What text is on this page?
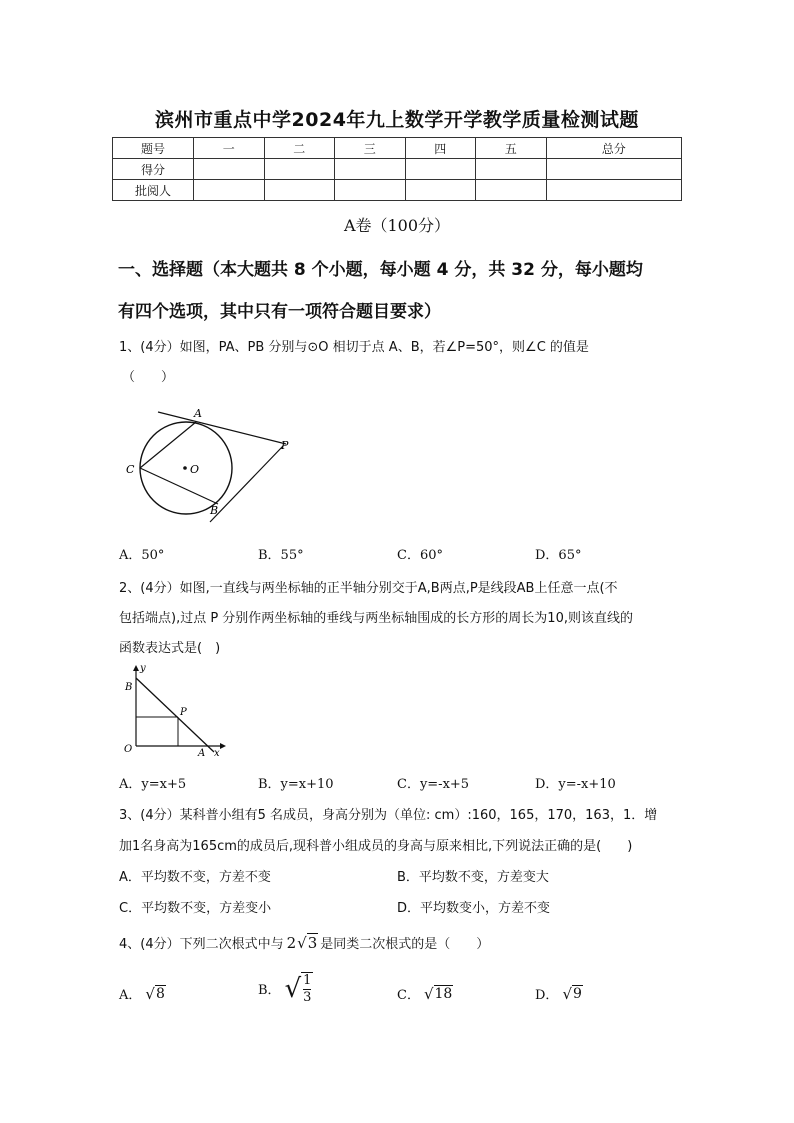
滨州市重点中学2024年九上数学开学教学质量检测试题
题号	一	二	三	四	五	总分
得分						
批阅人						
A卷（100分）
一、选择题（本大题共 8 个小题，每小题 4 分，共 32 分，每小题均
有四个选项，其中只有一项符合题目要求）
1、(4分）如图，PA、PB 分别与⊙O 相切于点 A、B，若∠P=50°，则∠C 的值是
（　　）
A
P
C	O
B
A．50°	B．55°	C．60°	D．65°
2、(4分）如图,一直线与两坐标轴的正半轴分别交于A,B两点,P是线段AB上任意一点(不
包括端点),过点 P 分别作两坐标轴的垂线与两坐标轴围成的长方形的周长为10,则该直线的
函数表达式是(　)
y
B
P
O	A x
A．y=x+5	B．y=x+10	C．y=-x+5	D．y=-x+10
3、(4分）某科普小组有5 名成员，身高分别为（单位: cm）:160，165，170，163，1．增
加1名身高为165cm的成员后,现科普小组成员的身高与原来相比,下列说法正确的是(　　)
A．平均数不变，方差不变	B．平均数不变，方差变大
C．平均数不变，方差变小	D．平均数变小，方差不变
4、(4分）下列二次根式中与 2 √ 3 是同类二次根式的是（　　）
A． √ 8	B． √ $\frac{1}{3}$	C． √ 18	D． √ 9
